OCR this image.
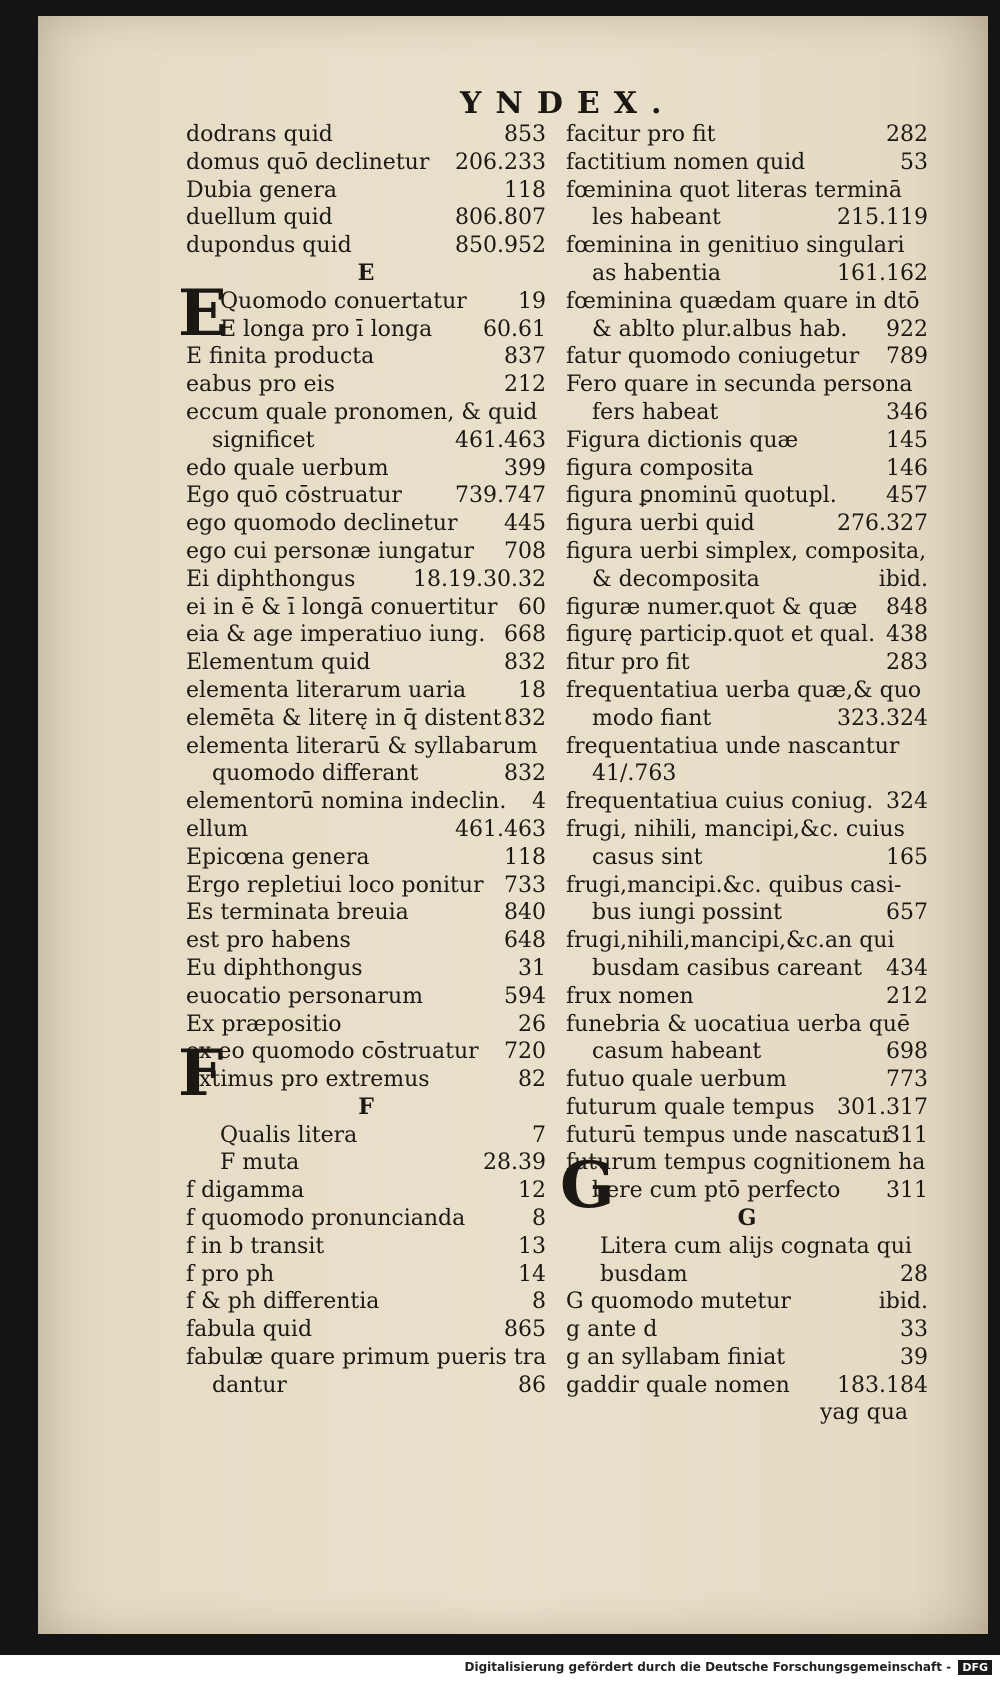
YNDEX.
dodrans quid	853
domus quō declinetur 206.233
Dubia genera	118
duellum quid	806.807
dupondus quid	850.952
E
Quomodo conuertatur 19
E longa pro ī longa 60.61
E finita producta	837
eabus pro eis	212
eccum quale pronomen, & quid
significet	461.463
edo quale uerbum	399
Ego quō cōstruatur 739.747
ego quomodo declinetur 445
ego cui personæ iungatur 708
Ei diphthongus	18.19.30.32
ei in ē & ī longā conuertitur 60
eia & age imperatiuo iung. 668
Elementum quid	832
elementa literarum uaria 18
elemēta & literę in q̄ distent 832
elementa literarū & syllabarum
quomodo differant	832
elementorū nomina indeclin. 4
ellum	461.463
Epicœna genera	118
Ergo repletiui loco ponitur 733
Es terminata breuia	840
est pro habens	648
Eu diphthongus	31
euocatio personarum	594
Ex præpositio	26
ex eo quomodo cōstruatur 720
extimus pro extremus	82
F
Qualis litera	7
F muta	28.39
f digamma	12
f quomodo pronuncianda	8
f in b transit	13
f pro ph	14
f & ph differentia	8
fabula quid	865
fabulæ quare primum pueris tra
dantur	86
facitur pro fit	282
factitium nomen quid	53
fœminina quot literas terminā
les habeant	215.119
fœminina in genitiuo singulari
as habentia	161.162
fœminina quædam quare in dtō
& ablto plur.albus hab. 922
fatur quomodo coniugetur 789
Fero quare in secunda persona
fers habeat	346
Figura dictionis quæ	145
figura composita	146
figura ꝑnominū quotupl. 457
figura uerbi quid	276.327
figura uerbi simplex, composita,
& decomposita	ibid.
figuræ numer.quot & quæ 848
figurę particip.quot et qual. 438
fitur pro fit	283
frequentatiua uerba quæ,& quo
modo fiant	323.324
frequentatiua unde nascantur
41/.763
frequentatiua cuius coniug. 324
frugi, nihili, mancipi,&c. cuius
casus sint	165
frugi,mancipi.&c. quibus casi-
bus iungi possint	657
frugi,nihili,mancipi,&c.an qui
busdam casibus careant 434
frux nomen	212
funebria & uocatiua uerba quē
casum habeant	698
futuo quale uerbum	773
futurum quale tempus 301.317
futurū tempus unde nascatur
311
futurum tempus cognitionem ha
bere cum ptō perfecto 311
G
Litera cum alijs cognata qui
busdam	28
G quomodo mutetur	ibid.
g ante d	33
g an syllabam finiat	39
gaddir quale nomen 183.184
E
F
G
yag qua
Digitalisierung gefördert durch die Deutsche Forschungsgemeinschaft - DFG
